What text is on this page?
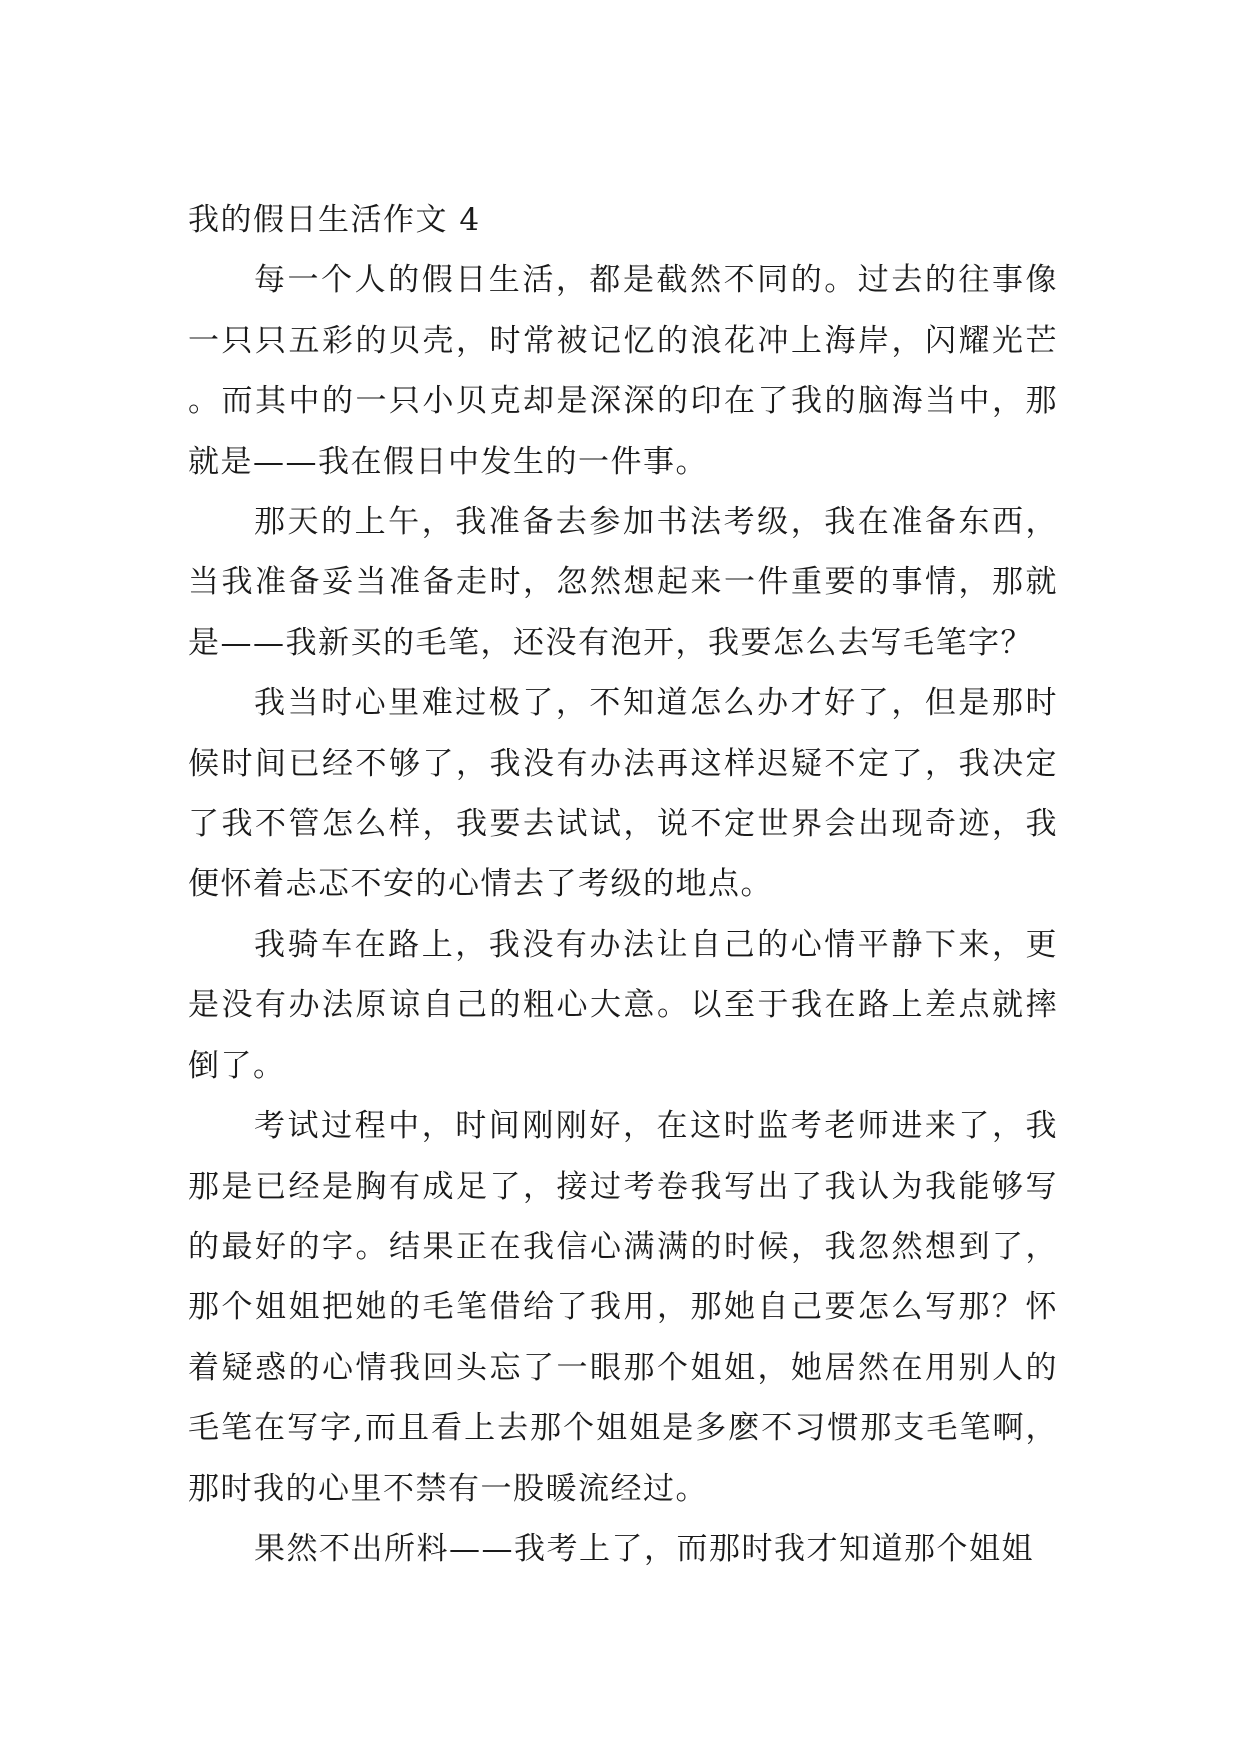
我的假日生活作文 4

每一个人的假日生活，都是截然不同的。过去的往事像一只只五彩的贝壳，时常被记忆的浪花冲上海岸，闪耀光芒。而其中的一只小贝克却是深深的印在了我的脑海当中，那就是——我在假日中发生的一件事。

那天的上午，我准备去参加书法考级，我在准备东西，当我准备妥当准备走时，忽然想起来一件重要的事情，那就是——我新买的毛笔，还没有泡开，我要怎么去写毛笔字？

我当时心里难过极了，不知道怎么办才好了，但是那时候时间已经不够了，我没有办法再这样迟疑不定了，我决定了我不管怎么样，我要去试试，说不定世界会出现奇迹，我便怀着忐忑不安的心情去了考级的地点。

我骑车在路上，我没有办法让自己的心情平静下来，更是没有办法原谅自己的粗心大意。以至于我在路上差点就摔倒了。

考试过程中，时间刚刚好，在这时监考老师进来了，我那是已经是胸有成足了，接过考卷我写出了我认为我能够写的最好的字。结果正在我信心满满的时候，我忽然想到了，那个姐姐把她的毛笔借给了我用，那她自己要怎么写那？怀着疑惑的心情我回头忘了一眼那个姐姐，她居然在用别人的毛笔在写字,而且看上去那个姐姐是多麽不习惯那支毛笔啊，那时我的心里不禁有一股暖流经过。

果然不出所料——我考上了，而那时我才知道那个姐姐
